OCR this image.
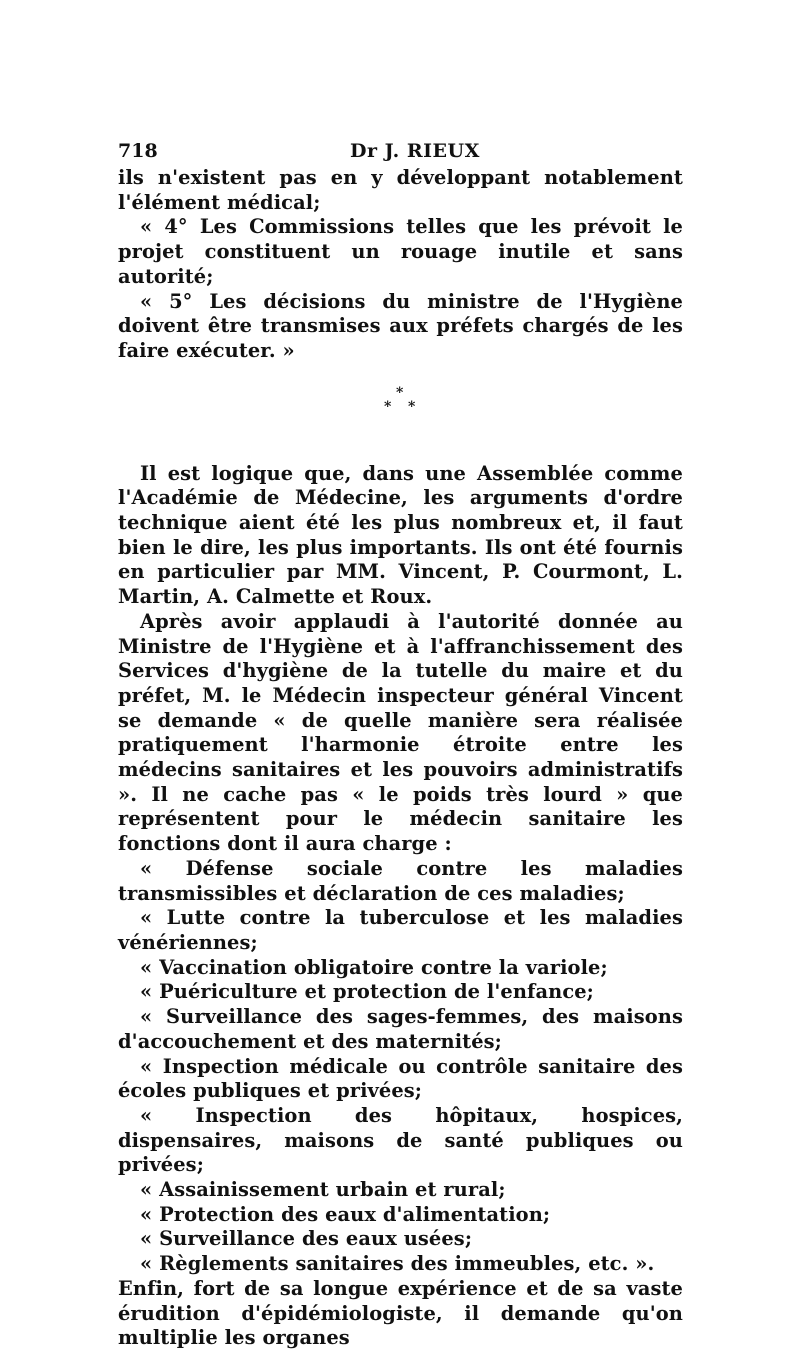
718	Dr J. RIEUX

ils n'existent pas en y développant notablement l'élément médical;

« 4° Les Commissions telles que les prévoit le projet constituent un rouage inutile et sans autorité;

« 5° Les décisions du ministre de l'Hygiène doivent être transmises aux préfets chargés de les faire exécuter. »

*
* *

Il est logique que, dans une Assemblée comme l'Académie de Médecine, les arguments d'ordre technique aient été les plus nombreux et, il faut bien le dire, les plus importants. Ils ont été fournis en particulier par MM. Vincent, P. Courmont, L. Martin, A. Calmette et Roux.

Après avoir applaudi à l'autorité donnée au Ministre de l'Hygiène et à l'affranchissement des Services d'hygiène de la tutelle du maire et du préfet, M. le Médecin inspecteur général Vincent se demande « de quelle manière sera réalisée pratiquement l'harmonie étroite entre les médecins sanitaires et les pouvoirs administratifs ». Il ne cache pas « le poids très lourd » que représentent pour le médecin sanitaire les fonctions dont il aura charge :

« Défense sociale contre les maladies transmissibles et déclaration de ces maladies;

« Lutte contre la tuberculose et les maladies vénériennes;

« Vaccination obligatoire contre la variole;

« Puériculture et protection de l'enfance;

« Surveillance des sages-femmes, des maisons d'accouchement et des maternités;

« Inspection médicale ou contrôle sanitaire des écoles publiques et privées;

« Inspection des hôpitaux, hospices, dispensaires, maisons de santé publiques ou privées;

« Assainissement urbain et rural;

« Protection des eaux d'alimentation;

« Surveillance des eaux usées;

« Règlements sanitaires des immeubles, etc. ».

Enfin, fort de sa longue expérience et de sa vaste érudition d'épidémiologiste, il demande qu'on multiplie les organes
